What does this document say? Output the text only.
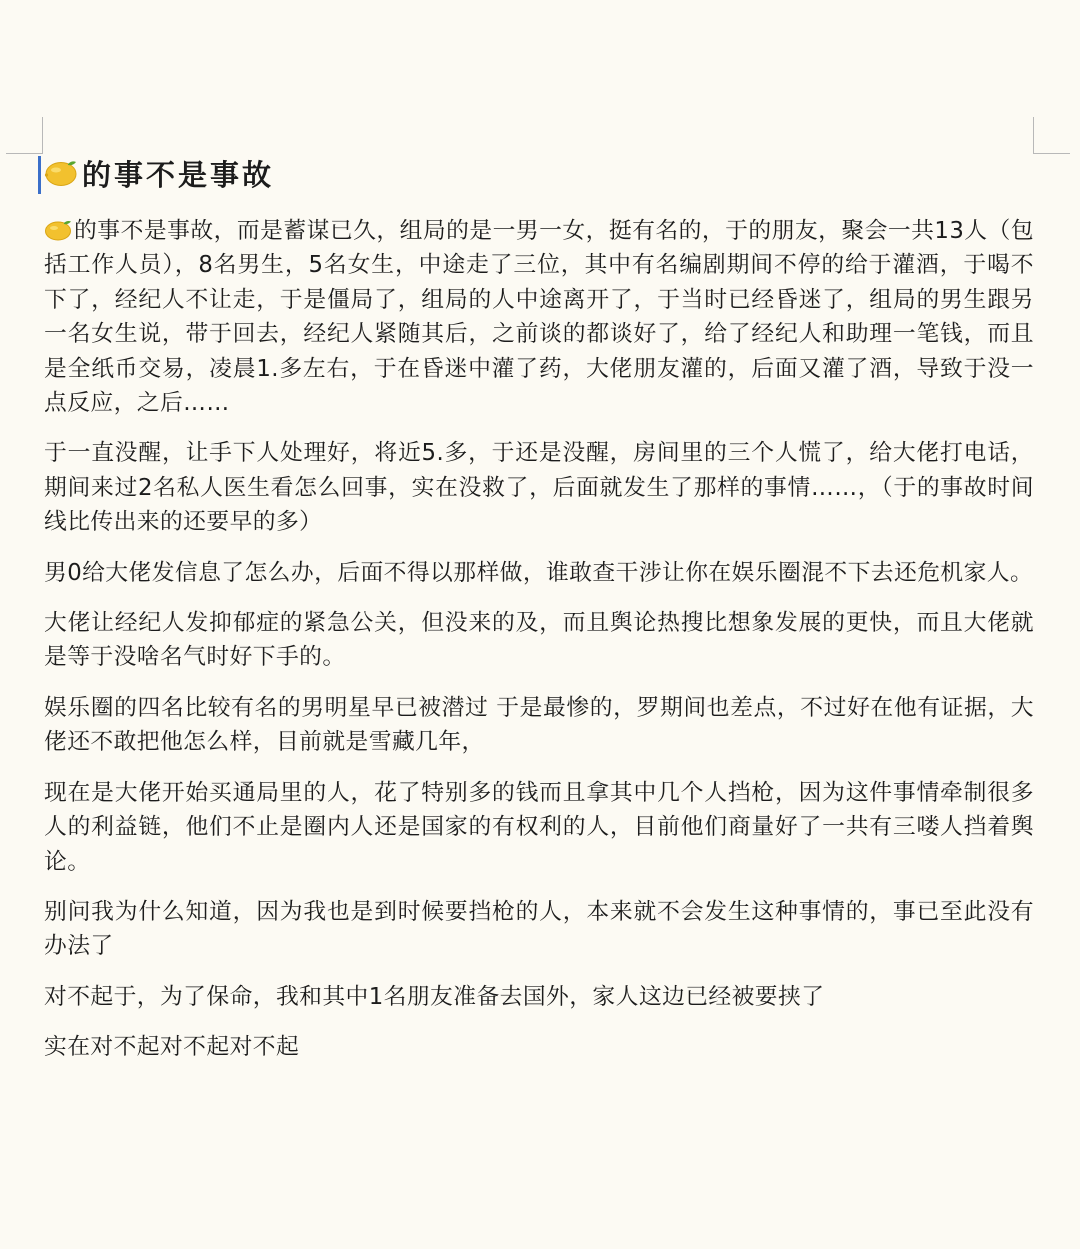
的事不是事故

的事不是事故，而是蓄谋已久，组局的是一男一女，挺有名的，于的朋友，聚会一共13人（包括工作人员），8名男生，5名女生，中途走了三位，其中有名编剧期间不停的给于灌酒，于喝不下了，经纪人不让走，于是僵局了，组局的人中途离开了，于当时已经昏迷了，组局的男生跟另一名女生说，带于回去，经纪人紧随其后，之前谈的都谈好了，给了经纪人和助理一笔钱，而且是全纸币交易，凌晨1.多左右，于在昏迷中灌了药，大佬朋友灌的，后面又灌了酒，导致于没一点反应，之后……

于一直没醒，让手下人处理好，将近5.多，于还是没醒，房间里的三个人慌了，给大佬打电话，期间来过2名私人医生看怎么回事，实在没救了，后面就发生了那样的事情……，（于的事故时间线比传出来的还要早的多）

男0给大佬发信息了怎么办，后面不得以那样做，谁敢查干涉让你在娱乐圈混不下去还危机家人。

大佬让经纪人发抑郁症的紧急公关，但没来的及，而且舆论热搜比想象发展的更快，而且大佬就是等于没啥名气时好下手的。

娱乐圈的四名比较有名的男明星早已被潜过 于是最惨的，罗期间也差点，不过好在他有证据，大佬还不敢把他怎么样，目前就是雪藏几年，

现在是大佬开始买通局里的人，花了特别多的钱而且拿其中几个人挡枪，因为这件事情牵制很多人的利益链，他们不止是圈内人还是国家的有权利的人，目前他们商量好了一共有三喽人挡着舆论。

别问我为什么知道，因为我也是到时候要挡枪的人，本来就不会发生这种事情的，事已至此没有办法了

对不起于，为了保命，我和其中1名朋友准备去国外，家人这边已经被要挟了

实在对不起对不起对不起
